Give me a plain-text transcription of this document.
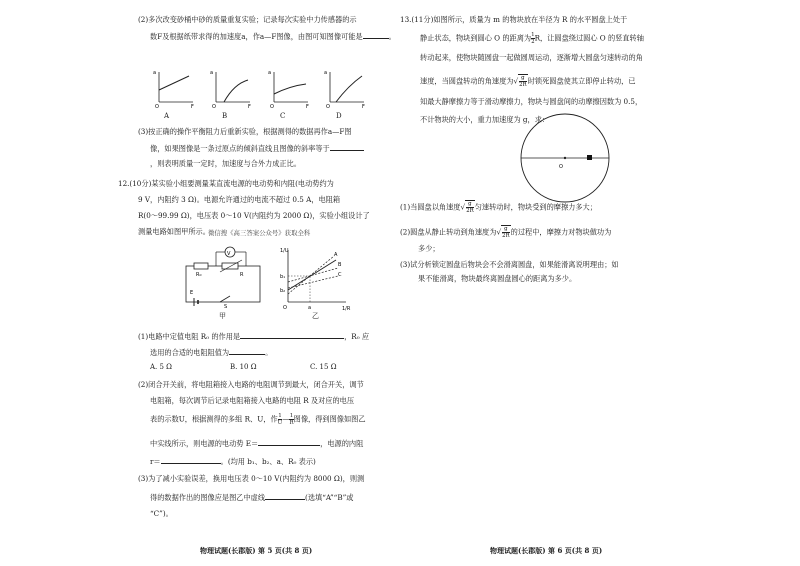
(2)多次改变砂桶中砂的质量重复实验；记录每次实验中力传感器的示
数F及根据纸带求得的加速度a，作a—F图像，由图可知图像可能是	。
a
F
O
a
F
O
a
F
O
a
F
O
A	B	C	D
(3)按正确的操作平衡阻力后重新实验，根据测得的数据再作a—F图
像，如果图像是一条过原点的倾斜直线且图像的斜率等于
，则表明质量一定时，加速度与合外力成正比。
12.(10分)某实验小组要测量某直流电源的电动势和内阻(电动势约为
9 V，内阻约 3 Ω)。电源允许通过的电流不超过 0.5 A，电阻箱
R(0～99.99 Ω)，电压表 0～10 V(内阻约为 2000 Ω)，实验小组设计了
测量电路如图甲所示。
微信搜《高三答案公众号》获取全科
V
R₀	R
E
S
甲
1/U
1/R
O	a
b₁
b₂
A
B
C
乙
(1)电路中定值电阻 R₀ 的作用是	，R₀ 应
选用的合适的电阻阻值为	。
A. 5 Ω	B. 10 Ω	C. 15 Ω
(2)闭合开关前，将电阻箱接入电路的电阻调节到最大，闭合开关，调节
电阻箱，每次调节后记录电阻箱接入电路的电阻 R 及对应的电压
表的示数U，根据测得的多组 R、U，作 $\frac{1}{U}$ — $\frac{1}{R}$ 图像，得到图像如图乙
中实线所示，则电源的电动势 E＝	，电源的内阻
r＝	。(均用 b₁、b₂、a、R₀ 表示)
(3)为了减小实验误差，换用电压表 0～10 V(内阻约为 8000 Ω)，则测
得的数据作出的图像应是图乙中虚线	(选填“A”“B”或
“C”)。
物理试题(长郡版) 第 5 页(共 8 页)
13.(11分)如图所示，质量为 m 的物块放在半径为 R 的水平圆盘上处于
静止状态，物块到圆心 O 的距离为 $\frac{1}{2}$ R，让圆盘绕过圆心 O 的竖直转轴
转动起来，使物块随圆盘一起做圆周运动，逐渐增大圆盘匀速转动的角
速度，当圆盘转动的角速度为√ $\frac{g}{2R}$ 时锁死圆盘使其立即停止转动，已
知最大静摩擦力等于滑动摩擦力，物块与圆盘间的动摩擦因数为 0.5，
不计物块的大小，重力加速度为 g，求：
O
(1)当圆盘以角速度√ $\frac{g}{2R}$ 匀速转动时，物块受到的摩擦力多大；
(2)圆盘从静止转动到角速度为√ $\frac{g}{2R}$ 的过程中，摩擦力对物块做功为
多少；
(3)试分析锁定圆盘后物块会不会滑离圆盘，如果能滑离说明理由；如
果不能滑离，物块最终离圆盘圆心的距离为多少。
物理试题(长郡版) 第 6 页(共 8 页)
